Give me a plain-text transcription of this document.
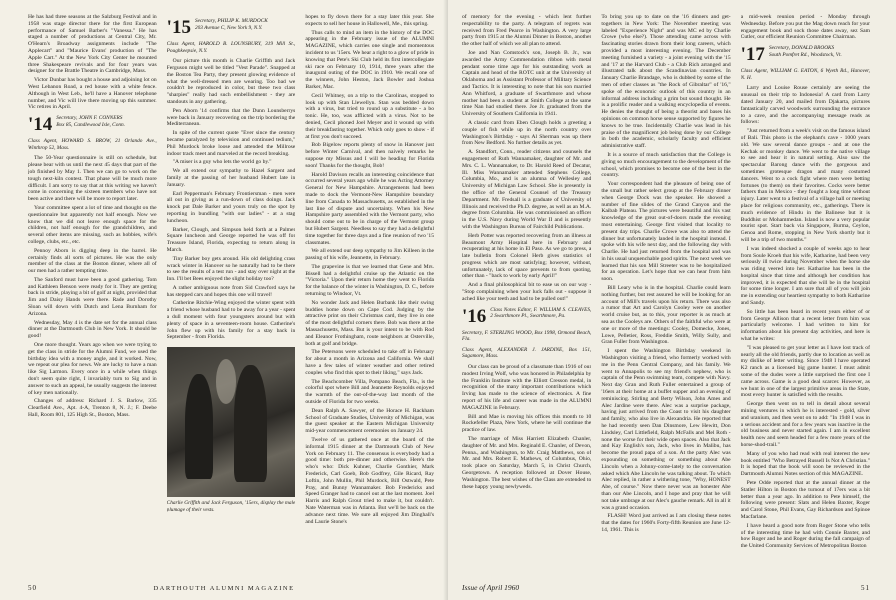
He has had three seasons at the Salzburg Festival and in 1958 was stage director there for the first European performance of Samuel Barber's "Vanessa." He has staged a number of productions at Central City, Mr. O'Hearn's Broadway assignments include "The Applecart" and "Maurice Evans' production of "The Apple Cart." At the New York City Center he mounted three Shakespeare revivals and for four years was designer for the Brattle Theatre in Cambridge, Mass.

Victor Dunbar has bought a house and adjoining lot on West Lebanon Road, a red house with a white fence. Although in West Leb., he'll have a Hanover telephone number, and Vic will live there moving up this summer. Vic retires in April.

'14 Secretary, JOHN F. CONNERS
Box 85, Candlewood Isle, Conn.
Class Agent, HOWARD S. BROW, 21 Orlando Ave., Winthrop 52, Mass.

The 50-Year questionnaire is still on schedule, but please bear with us until the next 45 days that part of the job finished by May 1. Then we can go to work on the tough next-kiln contest. That phase will be much more difficult. I am sorry to say that at this writing we haven't come in concerning the sixteen members who have not been active and there will be more to report later.

Your committee spent a lot of time and thought on the questionnaire but apparently not half enough. Now we know that we did not leave enough space for the children, not half enough for the grandchildren, and several other items are missing, such as hobbies, wife's college, clubs, etc., etc.

Pennoy Aborn is digging deep in the barrel. He certainly finds all sorts of pictures. He was the only member of the class at the Boston dinner, where all of our men had a rather tempting time.

The Sanford must have been a good gathering. Tom and Kathleen Benson were ready for it. They are getting back in stride, playing a bit of golf at night, provided that Jim and Daisy Hands were there. Rade and Dorothy Sloan will down with Dutch and Lena Burnham for Arizona.

Wednesday, May 4 is the date set for the annual class dinner at the Dartmouth Club in New York. It should be good!

One more thought. Years ago when we were trying to get the class in stride for the Alumni Fund, we used the birthday idea with a money angle, and it worked. Now, we repeat our plea for news. We are lucky to have a man like Sig Larmon. Every once in a while when things don't seem quite right, I invariably turn to Sig and in answer to such an appeal, he usually suggests the interest of key men nationally.

Changes of address: Richard J. S. Barlow, 335 Clearfield Ave., Apt. 4-A, Trenton 8, N. J.; F. Deebe Hall, Room 801, 125 High St., Boston, Mass.

'15 Secretary, PHILIP K. MURDOCK
203 Avenue C, New York 9, N.Y.
Class Agent, HAROLD B. LOUNSBURY, 319 Mill St., Poughkeepsie, N.Y.

Our picture this month is Charlie Griffith and Jack Ferguson might well be titled "Vest Parade". Snapped at the Boston Tea Party, they present glowing evidence of what the well-dressed men are wearing. Too bad we couldn't be reproduced in color, but these two class "sharpies" really had such embellishment - they are standouts in any gathering.

Pen Aborn '14 confirms that the Dunn Lounsberrys were back in January recovering on the trip bordering the Mediterranean.

In spite of the current quote "Ever since the century became paralyzed by television and continued tedium," Phil Murdock broke loose and attended the Millrose indoor track meet and marveled at the record breaking.

"A miser is a guy who lets the world go by."

We all extend our sympathy to Hazel Sargent and family at the passing of her husband Hubert late in January.

Earl Pepperman's February Frontiersman - men were all out in giving as a run-down of class doings. Jack knock put Dale Barker and yours truly on the spot by reporting in bundling "with our ladies" - at a stag luncheon.

Barker, Clough, and Simpson held forth at a Palmer Square luncheon and George reported he was off for Treasure Island, Florida, expecting to return along in March.

Tiny Barker boy gets around. His old delighting crass wrack winter in Hanover so he naturally had to be there to see the results of a test run - and stay over night at the Inn. I'll bet Bees enjoyed the slight holiday too?

A rather ambiguous note from Sid Crawford says he has stepped cars and hopes this one will travel!

Catherine Ritchie-Wing enjoyed the winter spent with a friend whose husband had to be away for a year - spent a dull moment with four youngsters around but with plenty of space in a seventeen-room house. Catherine's John flew up with his family for a stay back in September - from Florida.

Charlie Griffith and Jack Ferguson, '15ers, display the male plumage of their vests.

hopes to fly down there for a stay later this year. She expects to sell her house in Hallowell, Me., this spring.

Thus calls to mind an item in the history of the DOC appearing in the February issue of the ALUMNI MAGAZINE, which carries one single and momentous incident to us '15ers. We hear a right to a glow of pride in knowing that Pete's Ski Club held its first intercollegiate ski race on February 10, 1914, three years after the inaugural outing of the DOC in 1910. We recall one of the winners, John Heston, Jack Bowler and Joshua Barker, Mac.

Cecil Whitney, on a trip to the Carolinas, stopped to look up with Stan Llewellyn. Stan was bedded down with a virus, but tried to round up a substitute - a bo tonic. He, too, was afflicted with a virus. Not to be denied, Cecil phoned Joel Meyer and it wound up with their breakfasting together. Which only goes to show - if at first you don't succeed.

Bob Bigelow reports plenty of snow in Hanover just before Winter Carnival, and then naively remarks he suppose my Missus and I will be heading for Florida soon! Thanks for the thought, Bob!

Harold Davison recalls an interesting coincidence that occurred several years ago while he was Acting Attorney General for New Hampshire. Arrangements had been made to dock the Vermont-New Hampshire boundary line from Canada to Massachusetts, as established in the last line of dispute and uncertainty. When his New Hampshire party assembled with the Vermont party, who should come out to be in charge of the Vermont group but Hubert Sargent. Needless to say they had a delightful time together for three days and a fine reunion of two '15 classmates.

We all extend our deep sympathy to Jim Killeen in the passing of his wife, Jeannette, in February.

The grapevine is that we learned that Gene and Mrs. Bissell had a delightful cruise up the Atlantic on the "Victoria." Upon their return home they went to Florida for the balance of the winter in Washington, D. C., before returning to Windsor, Vt.

No wonder Jack and Helen Burbank like their swing buddies home down on Cape Cod. Judging by the attractive print on their Christmas card, they live in one of the most delightful corners there. Bob was there at the Massachusetts, Mass. But is your intent to be with Rod and Eleanor Frothingham, route neighbors at Osterville, both at golf and bridge.

The Petersons were scheduled to take off in February for about a month in Arizona and California. We shall have a few tales of winter weather and other retired couples who find this spot to their liking," says Jack.

The Beachcomber Villa, Pompano Beach, Fla., is the colorful spot where Bill and Jeannette Reynolds enjoyed the warmth of the out-of-the-way last month of the outside of Florida for two weeks.

Dean Ralph A. Sawyer, of the Horace H. Rackham School of Graduate Studies, University of Michigan, was the guest speaker at the Eastern Michigan University mid-year commencement ceremonies on January 24.

Twelve of us gathered once at the board of the informal 1915 dinner at the Dartmouth Club of New York on February 11. The consensus is everybody had a good time: both pre-dinner and otherwise. Here's the who's who: Dick Kuhner, Charlie Gonthier, Mark Frederick, Carl Goeb, Bob Godfrey, Gile Ricard, Ray Loftin, John Mullin, Phil Murdock, Bill Ostwald, Pete Pray, and Bunny Wannamaker. Bob Fredericks and Speed Granger had to cancel out at the last moment. Joel Harris and Ralph Grout tried to make it, but couldn't. Nate Waterman was in Atlanta. But we'll be back on the advance next time. We sure all enjoyed Jim Dinghall's and Laurie Stone's

50	DARTHOUTH ALUMNI MAGAZINE

of memory for the evening - which lent further respectability to the party. A telegram of regrets was received from Fred Pearce in Washington. A very large party from 1915 at the Alumni Dinner in Boston, another the other half of which we all plan to attend.

Joe and Nan Comstock's son, Joseph B. Jr., was awarded the Army Commendation ribbon with metal pendant some time ago for his outstanding work as Captain and head of the ROTC unit at the University of Oklahoma and as Assistant Professor of Military Science and Tactics. It is interesting to note that his son married Ann Whitford, a graduate of Swarthmore and whose mother had been a student at Smith College at the same time Nan had studied there. Joe Jr. graduated from the University of Southern California in 1941.

A classic card from Eben Clough holds a greeting a couple of fish while up in the north country over Washington's Birthday - says Al Sherman was up there from New Bedford. No further details as yet.

A. Standfort, Conn., reader citizens and counsels the engagement of Ruth Wannamaker, daughter of Mr. and Mrs. C. L. Wannamaker, to Dr. Harold Reed of Decatur, Ill. Miss Wannamaker attended Stephens College, Columbia, Mo., and is an alumna of Wellesley and University of Michigan Law School. She is presently in the office of the General Counsel of the Treasury Department. Mr. Fredsall is a graduate of University of Illinois and received the Ph.D. degree, as well as an M.A. degree from Columbia. He was commissioned an officer in the U.S. Navy during World War II and is presently with the Washington Bureau of Fairchild Publications.

Herb Potter was reported recovering from an illness at Beaumont Army Hospital here in February and recuperating at his home in El Paso. As we go to press, a late bulletin from Colonel Herb gives statistics of progress which are most satisfying; however, without, unfortunately, lack of space prevents to from quoting, other than - "back to work by early April!"

And a final philosophical bit to ease us on our way - "Stop complaining when your luck falls out - suppose it ached like your teeth and had to be pulled out!"

'16 Class Notes Editor, F. WILLIAM S. CLEAVES, 2 Swarthmore Pl., Swarthmore, Pa.
Secretary, F. STERLING WOOD, Box 1998, Ormond Beach, Fla.
Class Agent, ALEXANDER J. JARDINE, Box 151, Sagamore, Mass.

Our class can be proud of a classmate than 1916 of our modest Irving Wolf, who was honored in Philadelphia by the Franklin Institute with the Elliott Cresson medal, in recognition of the many important contributions which Irving has made to the science of electronics. A fine report of his life and career was made in the ALUMNI MAGAZINE in February.

Bill and Mae is moving his offices this month to 10 Rockefeller Plaza, New York, where he will continue the practice of law.

The marriage of Miss Harriett Elizabeth Chanler, daughter of Mr. and Mrs. Reginald E. Chanler, of Devon, Penna., and Washington, to Mr. Craig Matthews, son of Mr. and Mrs. Robert E. Mathews, of Columbus, Ohio, took place on Saturday, March 5, in Christ Church, Georgetown. A reception followed at Dover House, Washington. The best wishes of the Class are extended to these happy young newlyweds.

To bring you up to date on the '16 dinners and get-togethers in New York: The November meeting was labeled "Experience Night" and was MC ed by Charlie Crowe (who else?). Those attending came across with fascinating stories drawn from their long careers, which provided a most interesting evening. The December meeting furnished a variety - a joint evening with the '15 and '17 at the Harvard Club - a Club Rich arranged and illustrated talk about the Scandinavian countries. In January Charlie Brandage, who is dubbed by some of the men of other classes as "the Rock of Gibraltar" of '16," spoke of the economic outlook of this country in an informal address including a grim but sound thought. He is a prolific reader and a walking encyclopedia of events. He denies the thought of being a theorist and bases his opinions on common horse sense supported by figures he knows to be true. Incidentally Charlie was lead in his praise of the magnificent job being done by our College in both the academic, scholarly faculty and efficient administrative staff.

It is a source of much satisfaction that the College is giving so much encouragement to the development of the school, which promises to become one of the best in the country.

Your correspondent had the pleasure of being one of the small but rather select group at the February dinner when George Dock was the speaker. He showed a number of fine slides of the Grand Canyon and the Kaibab Plateau. The pictures were beautiful and his vast knowledge of the great out-of-doors made the evening most entertaining. George first visited that locality to present day trips. Charlie Crowe was also to attend the dinner but unfortunately landed in the hospital instead. I spoke with his wife next day, and the following day with Charlie. He had just returned from the hospital and was in his usual unquenchable good spirits. The next week we learned that his son Mill Streeter was to be hospitalized for an operation. Let's hope that we can hear from him soon.

Bill Leary who is in the hospital. Charlie could learn nothing further, but rest assured he will be looking for an account of Mill's travels upon his return. There was also a rumor that Art and Carolyn Cooley were on another world cruise but, as to this, your reporter is as much at sea as the Cooleys are. Others of the faithful who were at one or more of the meetings: Cooley, Domecke, Jones, Lowe, Pelletier, Ross, Freddie Smith, Willy Sully, and Gran Fuller from Washington.

I spent the Washington Birthday weekend in Washington visiting a friend, who formerly worked with me in the Penn Central Company, and his family. We went to Annapolis to see my friend's nephew, who is captain of the Penn swimming team, compete with Navy. Next day Gran and Ruth Fuller entertained a group of '16ers at their home at a buffet supper and an evening of reminiscing. Stirling and Betty Wilson, John Ames and Alec Jardine were there. Alec was a surprise package, having just arrived from the Coast to visit his daughter and family, who also live in Alexandria. He reported that he had recently seen Dan Dinsmore, Lew Hewitt, Don Lindsley, Carl Littlefield, Ralph McFalls and Mel Roth - none the worse for their wide open spaces. Also that Jack and Kay English's son, Jack, who lives in Malibu, has become the proud papa of a son. At the party Alec was expounding on something or something about Abe Lincoln when a Johnny-come-lately to the conversation asked which Abe Lincoln he was talking about. To which Alec replied, in rather a withering tone, "Why, HONEST Abe, of course." Now there never was an honester Abe than our Abe Lincoln, and I hope and pray that he will not take umbrage at our Alec's gauche remark. All in all it was a grand occasion.

FLASH! Word just arrived as I am closing these notes that the dates for 1960's Forty-fifth Reunion are June 12-14, 1961. This is

a mid-week reunion period - Monday through Wednesday. Before you put the Mag down reach for your engagement book and sock those dates away, sez Sam Cutler, our efficient Reunion Committee Chairman.

'17 Secretary, DONALD BROOKS
South Pomfret Rd., Woodstock, Vt.
Class Agent, WILLIAM G. EATON, 6 Wyeth Rd., Hanover, N. H.

Larry and Louise Rouse certainly are seeing the unusual on their trip to Indonesia! A card from Larry dated January 20, and mailed from Djakarta, pictures fantastically carved woodwork surrounding the entrance to a cave, and the accompanying message reads as follows:

"Just returned from a week's visit on the famous island of Bali. This photo is the elephant's cave - 1000 years old. We saw several dance groups - and at one the Kechak or monkey dance. We went to the native village to see and hear it in natural setting. Also saw the spectacular Barong dance with the gorgeous and sometimes grotesque dragon and many costumed dancers. Went to a cock fight where men were betting fortunes (to them) on their favorites. Cocks were better fathers than in Mexico - they fought a long time without injury. Later went to a festival of a village hall or meeting place for religious community, etc., gatherings. There is much evidence of Hindu in the Balinese but it is Buddhist or Mohammedan. Island is now a very popular tourist spot. Start back via Singapore, Burma, Ceylon, Genoa and Rome, stopping in New York shortly but it will be a trip of two months."

I was indeed shocked a couple of weeks ago to hear from Soule Kroeh that his wife, Katharine, had been very seriously ill twice during November when the horse she was riding veered into her. Katharine has been in the hospital since that time and although her condition has improved, it is expected that she will be in the hospital for some time longer. I am sure that all of you will join me in extending our heartiest sympathy to both Katharine and Sandy.

So little has been heard in recent years either of or from George Allison that a recent letter from him was particularly welcome. I had written to him for information about his present day activities, and here is what he writes:

"I was pleased to get your letter as I have lost track of nearly all the old friends, partly due to location as well as my dislike of letter writing. Since 1948 I have operated K2 ranch as a licensed big game hunter. I must admit some of the dudes were a little surprised the first one I came across. Game is a good deal scarcer. However, as we hunt in one of the largest primitive areas in the State, most every hunter is satisfied with the results.

George then went on to tell in detail about several mining ventures in which he is interested - gold, silver and uranium, and then went on to add: "In 1948 I was in a serious accident and for a few years was inactive in the old business and never started again. I am in excellent health now and seem headed for a few more years of the horse-shod-trail."

Many of you who had read with real interest the new book entitled "Who Betrayed Russell Is Not A Christian." It is hoped that the book will soon be reviewed in the Dartmouth Alumni Notes section of this MAGAZINE.

Pete Odde reported that at the annual dinner at the Statler Hilton in Boston the turnout of 17ers was a bit better than a year ago. In addition to Pete himself, the following were present: Slats and Helen Baxter, Roger and Carol Stone, Phil Evans, Gay Richardson and Spinoe Macfarlane.

I have heard a good note from Roger Stone who tells of the interesting time he had with Connie Baxter, and how Roger and he and Roger during the fall campaign of the United Community Services of Metropolitan Boston

Issue of April 1960	51
